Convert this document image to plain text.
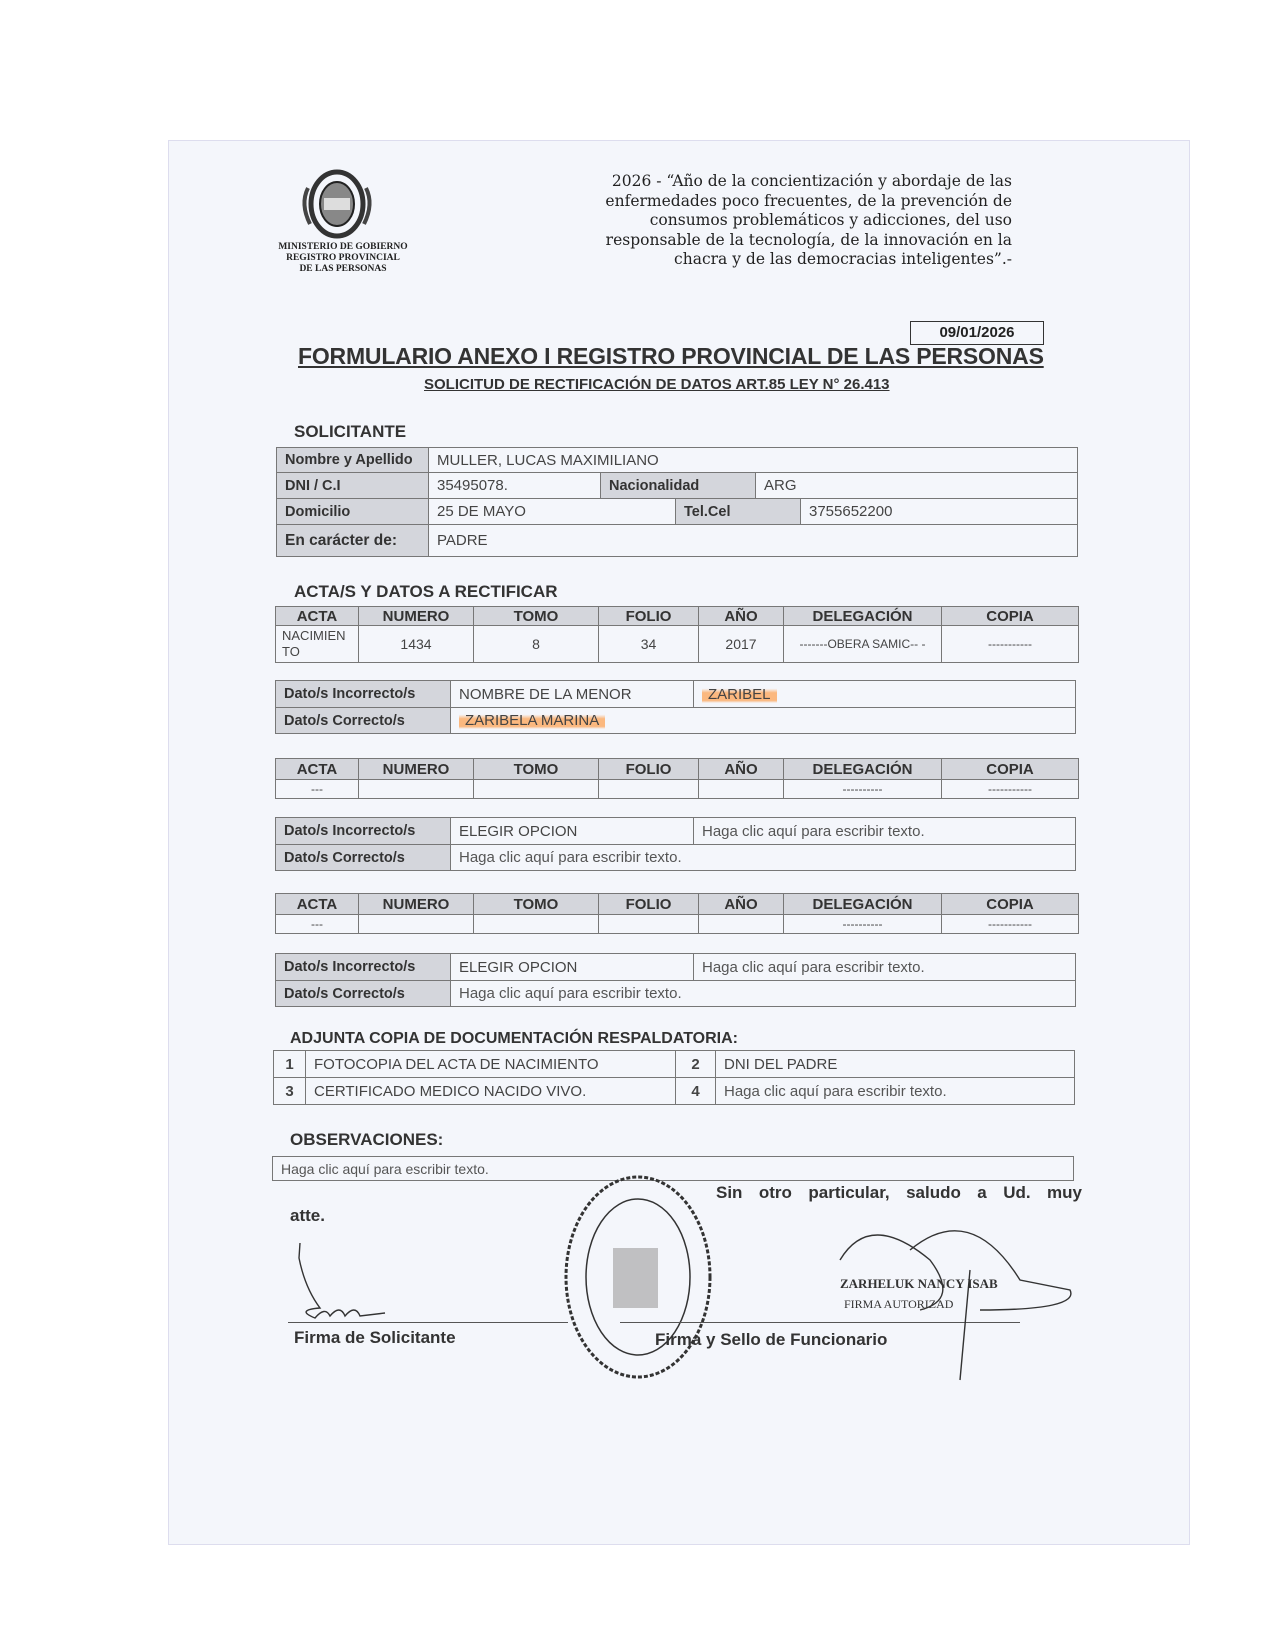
MINISTERIO DE GOBIERNO
REGISTRO PROVINCIAL
DE LAS PERSONAS
2026 - “Año de la concientización y abordaje de las enfermedades poco frecuentes, de la prevención de consumos problemáticos y adicciones, del uso responsable de la tecnología, de la innovación en la chacra y de las democracias inteligentes”.-
09/01/2026
FORMULARIO ANEXO I REGISTRO PROVINCIAL DE LAS PERSONAS
SOLICITUD DE RECTIFICACIÓN DE DATOS ART.85 LEY N° 26.413
SOLICITANTE
Nombre y Apellido	MULLER, LUCAS MAXIMILIANO				
DNI / C.I	35495078.	Nacionalidad		ARG	
Domicilio	25 DE MAYO		Tel.Cel		3755652200
En carácter de:	PADRE				
ACTA/S Y DATOS A RECTIFICAR
ACTA	NUMERO	TOMO	FOLIO	AÑO	DELEGACIÓN	COPIA
NACIMIEN TO	1434	8	34	2017	-------OBERA SAMIC-- -	-----------
Dato/s Incorrecto/s	NOMBRE DE LA MENOR	ZARIBEL
Dato/s Correcto/s	ZARIBELA MARINA	
ACTA	NUMERO	TOMO	FOLIO	AÑO	DELEGACIÓN	COPIA
---					----------	-----------
Dato/s Incorrecto/s	ELEGIR OPCION	Haga clic aquí para escribir texto.
Dato/s Correcto/s	Haga clic aquí para escribir texto.	
ACTA	NUMERO	TOMO	FOLIO	AÑO	DELEGACIÓN	COPIA
---					----------	-----------
Dato/s Incorrecto/s	ELEGIR OPCION	Haga clic aquí para escribir texto.
Dato/s Correcto/s	Haga clic aquí para escribir texto.	
ADJUNTA COPIA DE DOCUMENTACIÓN RESPALDATORIA:
1	FOTOCOPIA DEL ACTA DE NACIMIENTO	2	DNI DEL PADRE
3	CERTIFICADO MEDICO NACIDO VIVO.	4	Haga clic aquí para escribir texto.
OBSERVACIONES:
Haga clic aquí para escribir texto.
Sin otro particular, saludo a Ud. muy
atte.
Firma de Solicitante	Firma y Sello de Funcionario
ZARHELUK NANCY ISAB
FIRMA AUTORIZAD
